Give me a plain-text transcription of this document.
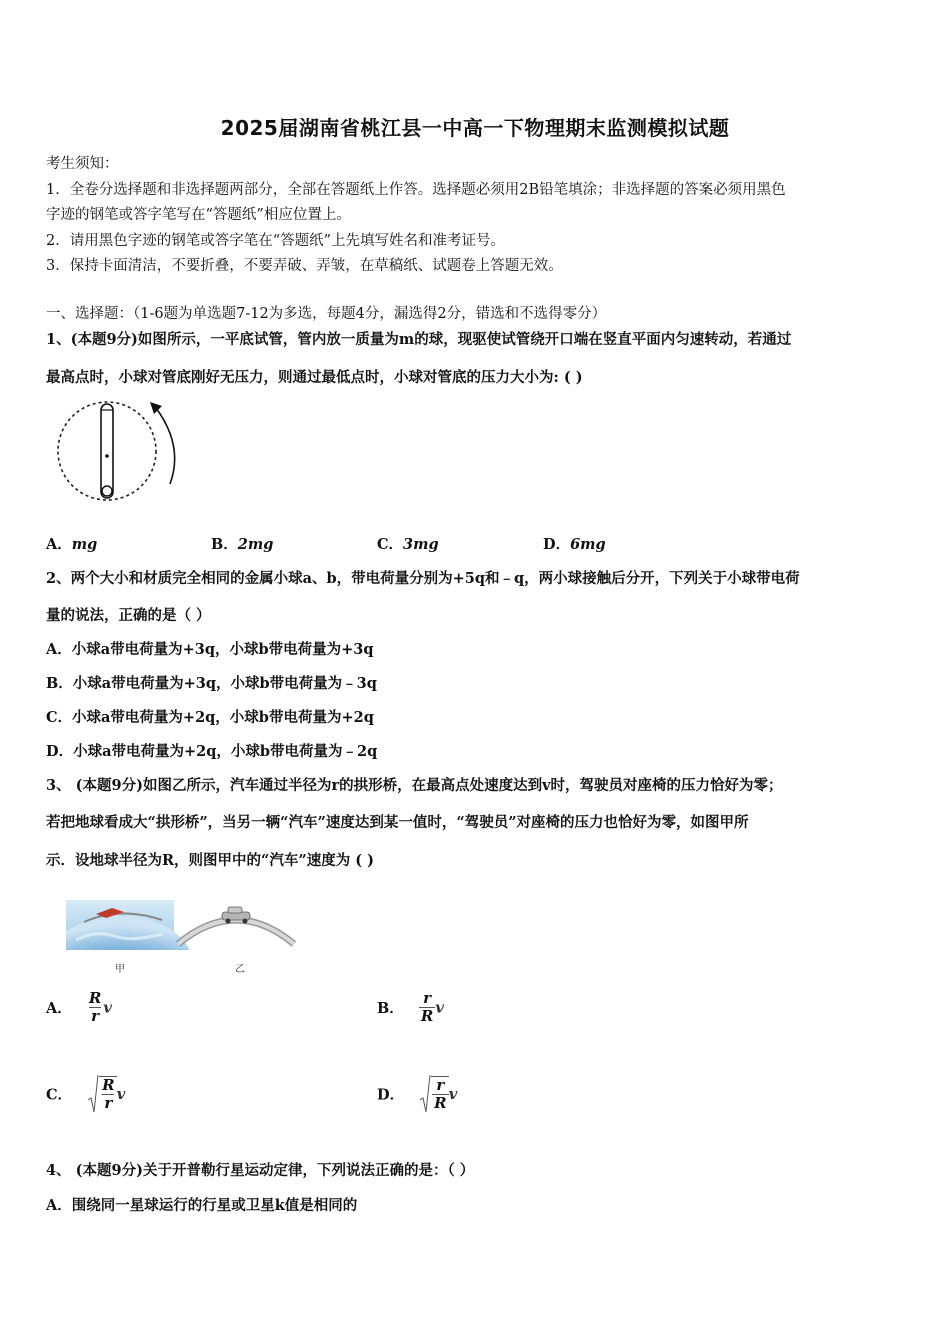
2025届湖南省桃江县一中高一下物理期末监测模拟试题
考生须知：
1．全卷分选择题和非选择题两部分，全部在答题纸上作答。选择题必须用2B铅笔填涂；非选择题的答案必须用黑色
字迹的钢笔或答字笔写在“答题纸”相应位置上。
2．请用黑色字迹的钢笔或答字笔在“答题纸”上先填写姓名和准考证号。
3．保持卡面清洁，不要折叠，不要弄破、弄皱，在草稿纸、试题卷上答题无效。
一、选择题：（1-6题为单选题7-12为多选，每题4分，漏选得2分，错选和不选得零分）
1、(本题9分)如图所示，一平底试管，管内放一质量为m的球，现驱使试管绕开口端在竖直平面内匀速转动，若通过
最高点时，小球对管底刚好无压力，则通过最低点时，小球对管底的压力大小为: ( )
A．mg	B．2mg	C．3mg	D．6mg
2、两个大小和材质完全相同的金属小球a、b，带电荷量分别为+5q和﹣q，两小球接触后分开，下列关于小球带电荷
量的说法，正确的是（ ）
A．小球a带电荷量为+3q，小球b带电荷量为+3q
B．小球a带电荷量为+3q，小球b带电荷量为﹣3q
C．小球a带电荷量为+2q，小球b带电荷量为+2q
D．小球a带电荷量为+2q，小球b带电荷量为﹣2q
3、 (本题9分)如图乙所示，汽车通过半径为r的拱形桥，在最高点处速度达到v时，驾驶员对座椅的压力恰好为零；
若把地球看成大“拱形桥”，当另一辆“汽车”速度达到某一值时，“驾驶员”对座椅的压力也恰好为零，如图甲所
示．设地球半径为R，则图甲中的“汽车”速度为 ( )
甲	乙
A． $\frac{R}{r}$ v	B． $\frac{r}{R}$ v
C． $\frac{R}{r}$ v	D． $\frac{r}{R}$ v
4、 (本题9分)关于开普勒行星运动定律，下列说法正确的是：（ ）
A．围绕同一星球运行的行星或卫星k值是相同的
